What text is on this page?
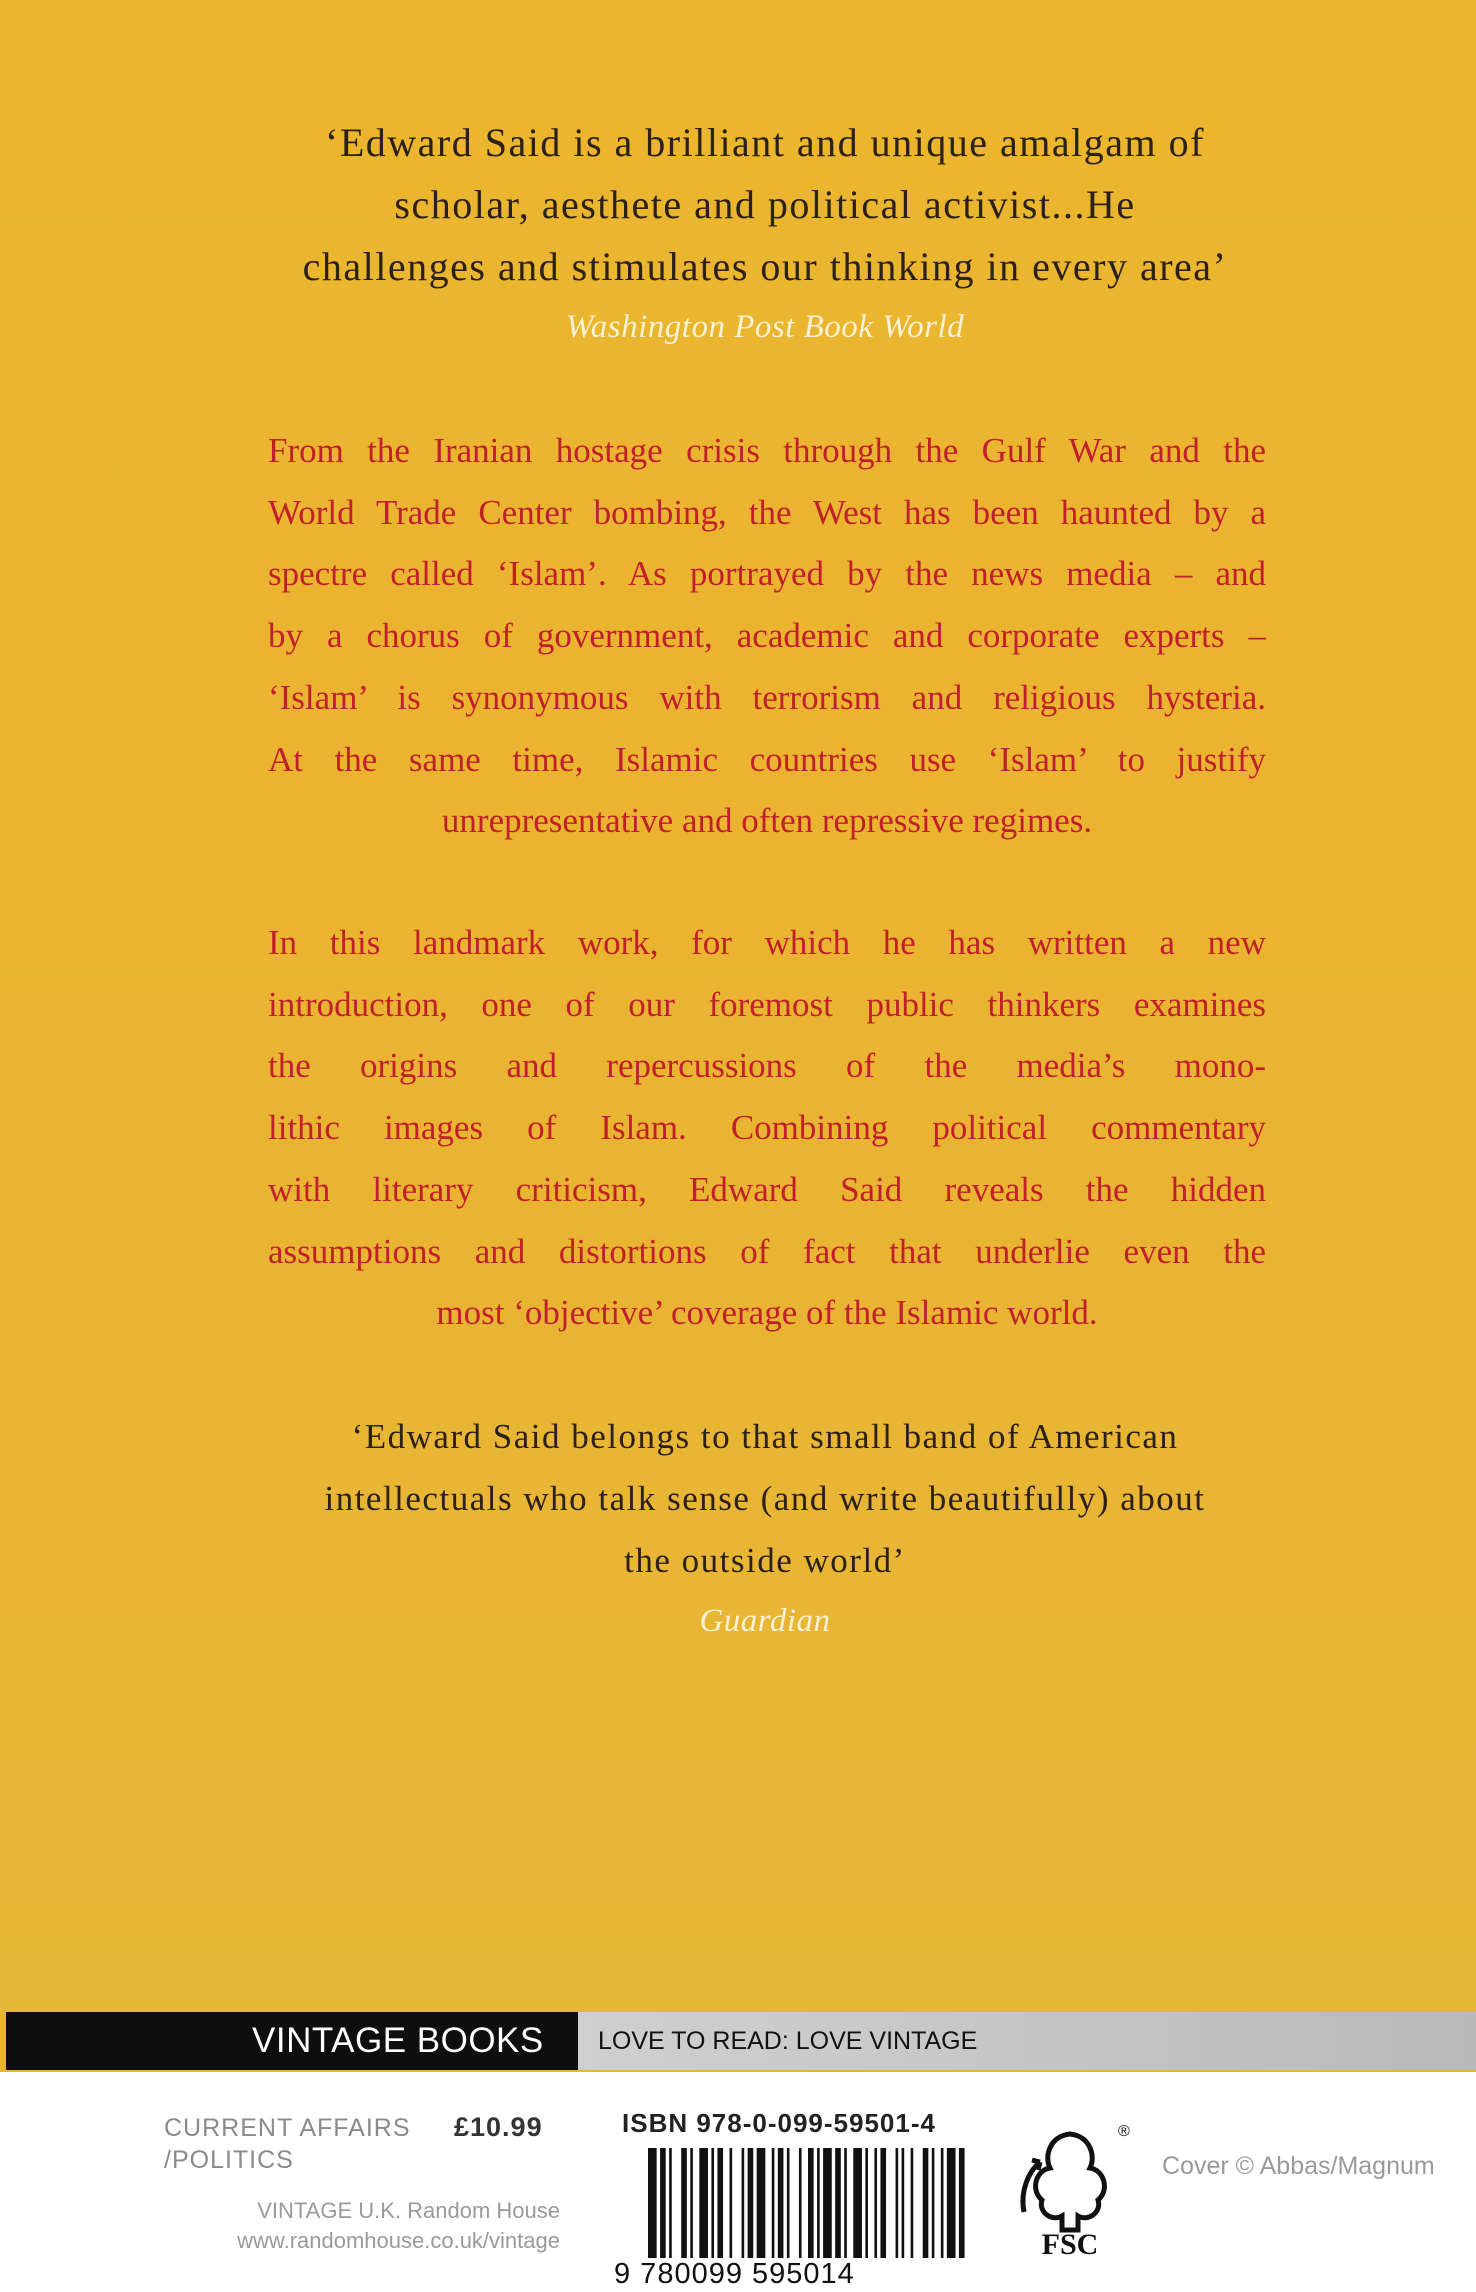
‘Edward Said is a brilliant and unique amalgam of
scholar, aesthete and political activist...He
challenges and stimulates our thinking in every area’
Washington Post Book World
From the Iranian hostage crisis through the Gulf War and the
World Trade Center bombing, the West has been haunted by a
spectre called ‘Islam’. As portrayed by the news media – and
by a chorus of government, academic and corporate experts –
‘Islam’ is synonymous with terrorism and religious hysteria.
At the same time, Islamic countries use ‘Islam’ to justify
unrepresentative and often repressive regimes.
In this landmark work, for which he has written a new
introduction, one of our foremost public thinkers examines
the origins and repercussions of the media’s mono-
lithic images of Islam. Combining political commentary
with literary criticism, Edward Said reveals the hidden
assumptions and distortions of fact that underlie even the
most ‘objective’ coverage of the Islamic world.
‘Edward Said belongs to that small band of American
intellectuals who talk sense (and write beautifully) about
the outside world’
Guardian
VINTAGE BOOKS LOVE TO READ: LOVE VINTAGE
CURRENT AFFAIRS
/POLITICS
£10.99
VINTAGE U.K. Random House
www.randomhouse.co.uk/vintage
ISBN 978-0-099-59501-4
9 780099 595014
FSC
®
Cover © Abbas/Magnum
